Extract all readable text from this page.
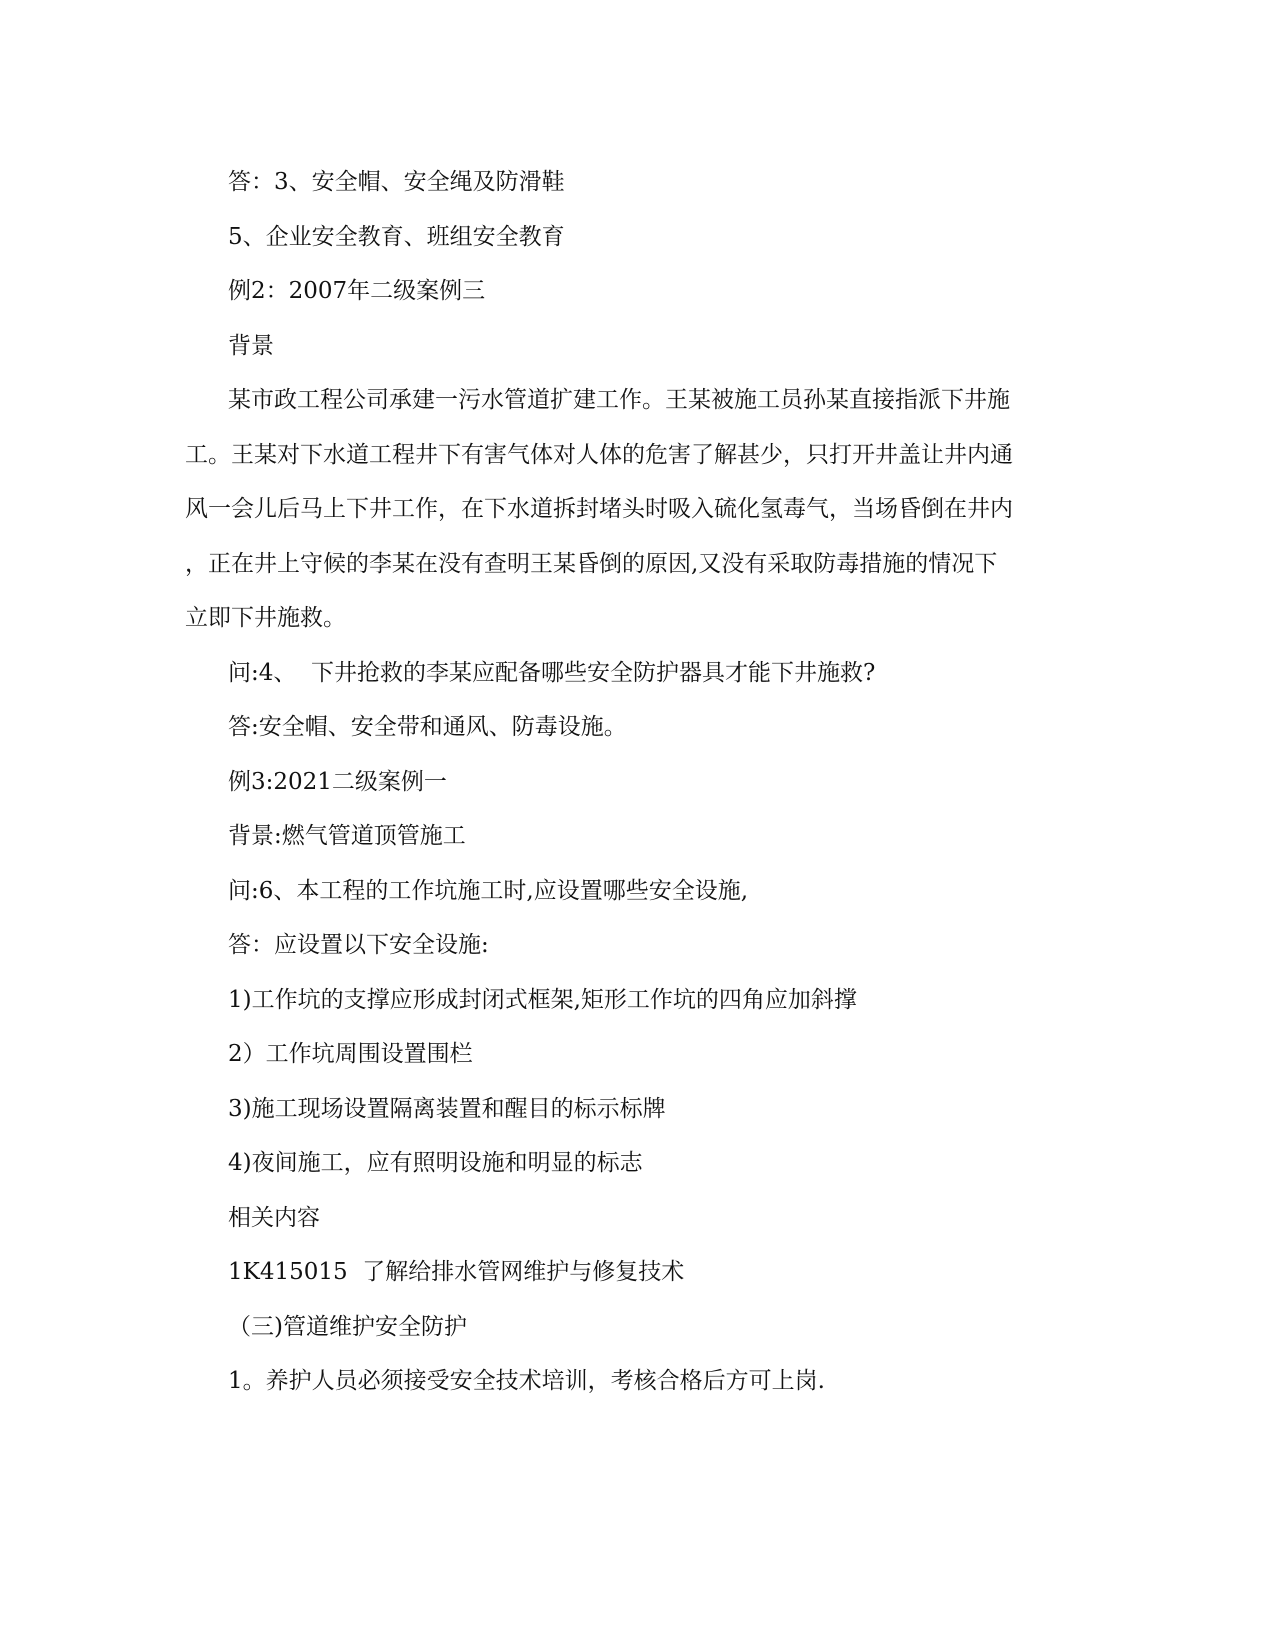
答：3、安全帽、安全绳及防滑鞋
5、企业安全教育、班组安全教育
例2：2007年二级案例三
背景
某市政工程公司承建一污水管道扩建工作。王某被施工员孙某直接指派下井施
工。王某对下水道工程井下有害气体对人体的危害了解甚少，只打开井盖让井内通
风一会儿后马上下井工作，在下水道拆封堵头时吸入硫化氢毒气，当场昏倒在井内
，正在井上守候的李某在没有查明王某昏倒的原因,又没有采取防毒措施的情况下
立即下井施救。
问:4、  下井抢救的李某应配备哪些安全防护器具才能下井施救?
答:安全帽、安全带和通风、防毒设施。
例3:2021二级案例一
背景:燃气管道顶管施工
问:6、本工程的工作坑施工时,应设置哪些安全设施,
答：应设置以下安全设施:
1)工作坑的支撑应形成封闭式框架,矩形工作坑的四角应加斜撑
2）工作坑周围设置围栏
3)施工现场设置隔离装置和醒目的标示标牌
4)夜间施工，应有照明设施和明显的标志
相关内容
1K415015  了解给排水管网维护与修复技术
（三)管道维护安全防护
1。养护人员必须接受安全技术培训，考核合格后方可上岗.
